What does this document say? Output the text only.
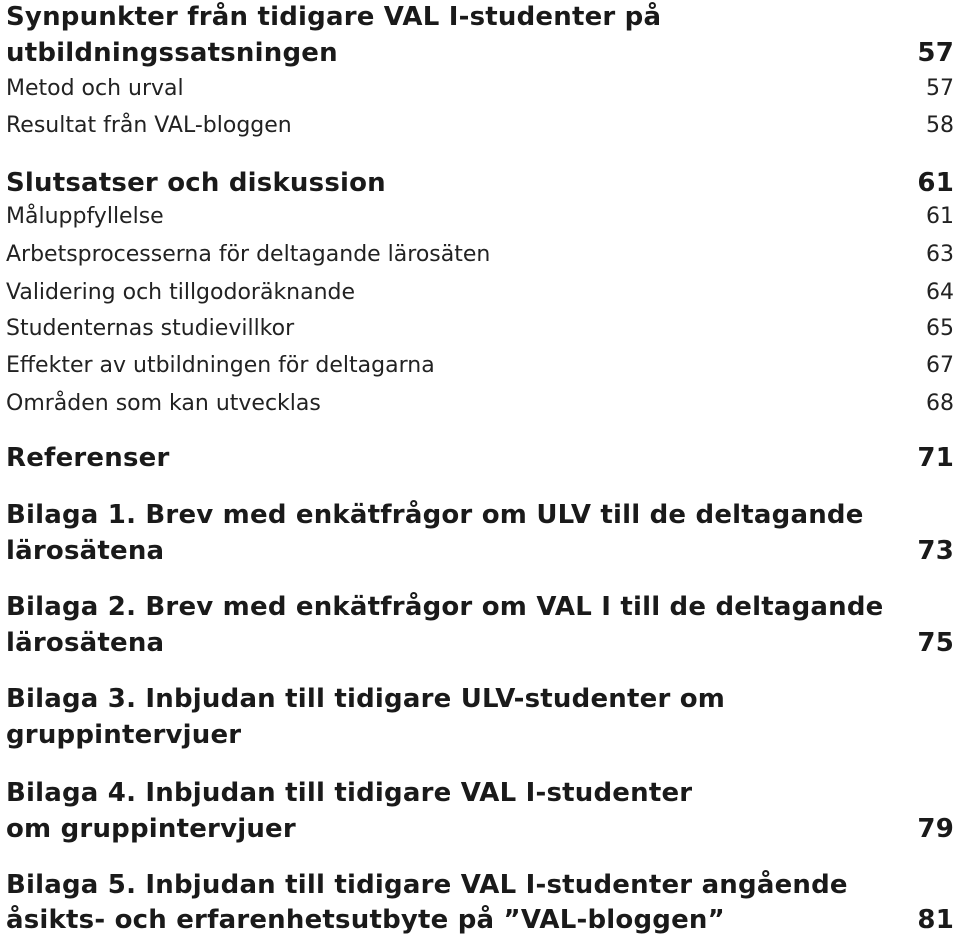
Synpunkter från tidigare VAL I-studenter på
utbildningssatsningen	57
Metod och urval	57
Resultat från VAL-bloggen	58
Slutsatser och diskussion	61
Måluppfyllelse	61
Arbetsprocesserna för deltagande lärosäten	63
Validering och tillgodoräknande	64
Studenternas studievillkor	65
Effekter av utbildningen för deltagarna	67
Områden som kan utvecklas	68
Referenser	71
Bilaga 1. Brev med enkätfrågor om ULV till de deltagande
lärosätena	73
Bilaga 2. Brev med enkätfrågor om VAL I till de deltagande
lärosätena	75
Bilaga 3. Inbjudan till tidigare ULV-studenter om
gruppintervjuer
Bilaga 4. Inbjudan till tidigare VAL I-studenter
om gruppintervjuer	79
Bilaga 5. Inbjudan till tidigare VAL I-studenter angående
åsikts- och erfarenhetsutbyte på ”VAL-bloggen”	81
